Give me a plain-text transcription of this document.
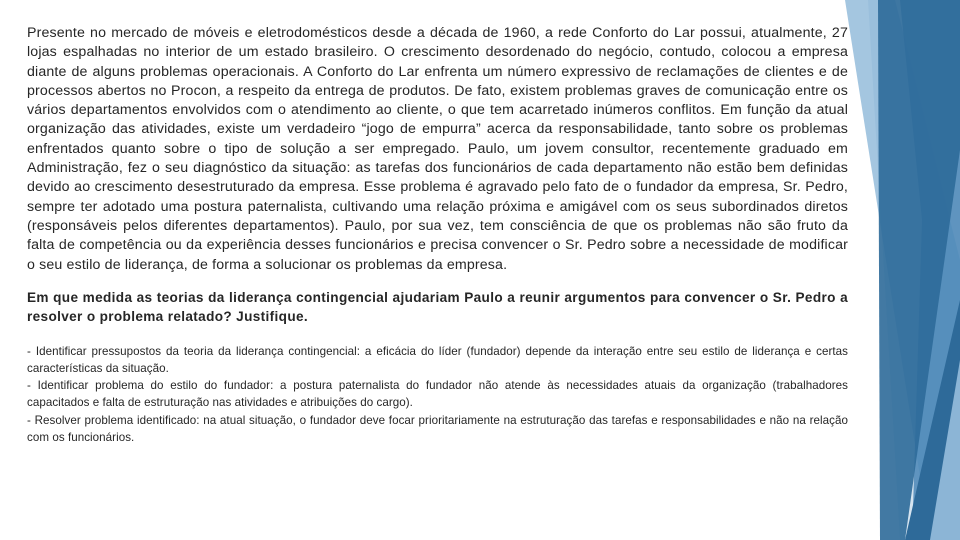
Presente no mercado de móveis e eletrodomésticos desde a década de 1960, a rede Conforto do Lar possui, atualmente, 27 lojas espalhadas no interior de um estado brasileiro. O crescimento desordenado do negócio, contudo, colocou a empresa diante de alguns problemas operacionais. A Conforto do Lar enfrenta um número expressivo de reclamações de clientes e de processos abertos no Procon, a respeito da entrega de produtos. De fato, existem problemas graves de comunicação entre os vários departamentos envolvidos com o atendimento ao cliente, o que tem acarretado inúmeros conflitos. Em função da atual organização das atividades, existe um verdadeiro “jogo de empurra” acerca da responsabilidade, tanto sobre os problemas enfrentados quanto sobre o tipo de solução a ser empregado. Paulo, um jovem consultor, recentemente graduado em Administração, fez o seu diagnóstico da situação: as tarefas dos funcionários de cada departamento não estão bem definidas devido ao crescimento desestruturado da empresa. Esse problema é agravado pelo fato de o fundador da empresa, Sr. Pedro, sempre ter adotado uma postura paternalista, cultivando uma relação próxima e amigável com os seus subordinados diretos (responsáveis pelos diferentes departamentos). Paulo, por sua vez, tem consciência de que os problemas não são fruto da falta de competência ou da experiência desses funcionários e precisa convencer o Sr. Pedro sobre a necessidade de modificar o seu estilo de liderança, de forma a solucionar os problemas da empresa.

Em que medida as teorias da liderança contingencial ajudariam Paulo a reunir argumentos para convencer o Sr. Pedro a resolver o problema relatado? Justifique.

- Identificar pressupostos da teoria da liderança contingencial: a eficácia do líder (fundador) depende da interação entre seu estilo de liderança e certas características da situação.

- Identificar problema do estilo do fundador: a postura paternalista do fundador não atende às necessidades atuais da organização (trabalhadores capacitados e falta de estruturação nas atividades e atribuições do cargo).

- Resolver problema identificado: na atual situação, o fundador deve focar prioritariamente na estruturação das tarefas e responsabilidades e não na relação com os funcionários.
